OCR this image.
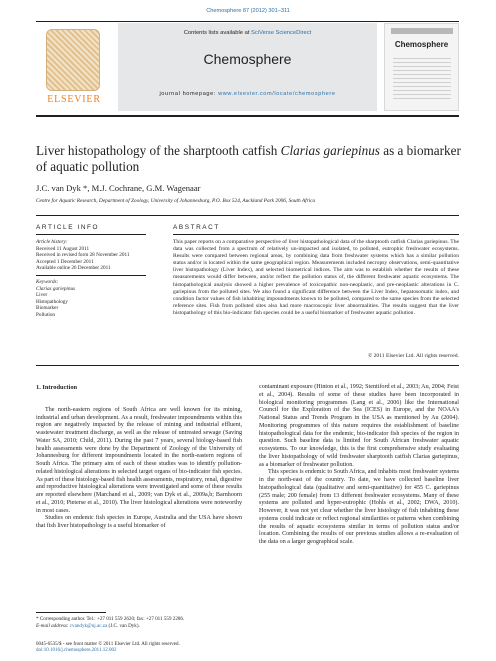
Chemosphere 87 (2012) 301–311
ELSEVIER
Contents lists available at SciVerse ScienceDirect
Chemosphere
journal homepage: www.elsevier.com/locate/chemosphere
Chemosphere
Liver histopathology of the sharptooth catfish Clarias gariepinus as a biomarker of aquatic pollution
J.C. van Dyk *, M.J. Cochrane, G.M. Wagenaar
Centre for Aquatic Research, Department of Zoology, University of Johannesburg, P.O. Box 524, Auckland Park 2006, South Africa
ARTICLE INFO	ABSTRACT
Article history:
Received 11 August 2011
Received in revised form 28 November 2011
Accepted 1 December 2011
Available online 26 December 2011
Keywords:
Clarias gariepinus
Liver
Histopathology
Biomarker
Pollution
This paper reports on a comparative perspective of liver histopathological data of the sharptooth catfish Clarias gariepinus. The data was collected from a spectrum of relatively un-impacted and isolated, to polluted, eutrophic freshwater ecosystems. Results were compared between regional areas, by combining data from freshwater systems which has a similar pollution status and/or is located within the same geographical region. Measurements included necropsy observations, semi-quantitative liver histopathology (Liver Index), and selected biometrical indices. The aim was to establish whether the results of these measurements would differ between, and/or reflect the pollution status of, the different freshwater aquatic ecosystems. The histopathological analysis showed a higher prevalence of toxicopathic non-neoplastic, and pre-neoplastic alterations in C. gariepinus from the polluted sites. We also found a significant difference between the Liver Index, hepatosomatic index, and condition factor values of fish inhabiting impoundments known to be polluted, compared to the same species from the selected reference sites. Fish from polluted sites also had more macroscopic liver abnormalities. The results suggest that the liver histopathology of this bio-indicator fish species could be a useful biomarker of freshwater aquatic pollution.
© 2011 Elsevier Ltd. All rights reserved.
1. Introduction

The north-eastern regions of South Africa are well known for its mining, industrial and urban development. As a result, freshwater impoundments within this region are negatively impacted by the release of mining and industrial effluent, wastewater treatment discharge, as well as the release of untreated sewage (Saving Water SA, 2010; Child, 2011). During the past 7 years, several biology-based fish health assessments were done by the Department of Zoology of the University of Johannesburg for different impoundments located in the north-eastern regions of South Africa. The primary aim of each of these studies was to identify pollution-related histological alterations in selected target organs of bio-indicator fish species. As part of these histology-based fish health assessments, respiratory, renal, digestive and reproductive histological alterations were investigated and some of these results are reported elsewhere (Marchand et al., 2009; van Dyk et al., 2009a,b; Barnhoorn et al., 2010; Pieterse et al., 2010). The liver histological alterations were noteworthy in most cases.

Studies on endemic fish species in Europe, Australia and the USA have shown that fish liver histopathology is a useful biomarker of

contaminant exposure (Hinton et al., 1992; Stentiford et al., 2003; Au, 2004; Feist et al., 2004). Results of some of these studies have been incorporated in biological monitoring programmes (Lang et al., 2006) like the International Council for the Exploration of the Sea (ICES) in Europe, and the NOAA's National Status and Trends Program in the USA as mentioned by Au (2004). Monitoring programmes of this nature requires the establishment of baseline histopathological data for the endemic, bio-indicator fish species of the region in question. Such baseline data is limited for South African freshwater aquatic ecosystems. To our knowledge, this is the first comprehensive study evaluating the liver histopathology of wild freshwater sharptooth catfish Clarias gariepinus, as a biomarker of freshwater pollution.

This species is endemic to South Africa, and inhabits most freshwater systems in the north-east of the country. To date, we have collected baseline liver histopathological data (qualitative and semi-quantitative) for 455 C. gariepinus (255 male; 200 female) from 13 different freshwater ecosystems. Many of these systems are polluted and hyper-eutrophic (Hohls et al., 2002; DWA, 2010). However, it was not yet clear whether the liver histology of fish inhabiting these systems could indicate or reflect regional similarities or patterns when combining the results of aquatic ecosystems similar in terms of pollution status and/or location. Combining the results of our previous studies allows a re-evaluation of the data on a larger geographical scale.

* Corresponding author. Tel.: +27 011 559 2620; fax: +27 011 559 2286.
E-mail address: cvandyk@uj.ac.za (J.C. van Dyk).
0045-6535/$ - see front matter © 2011 Elsevier Ltd. All rights reserved.
doi:10.1016/j.chemosphere.2011.12.002
